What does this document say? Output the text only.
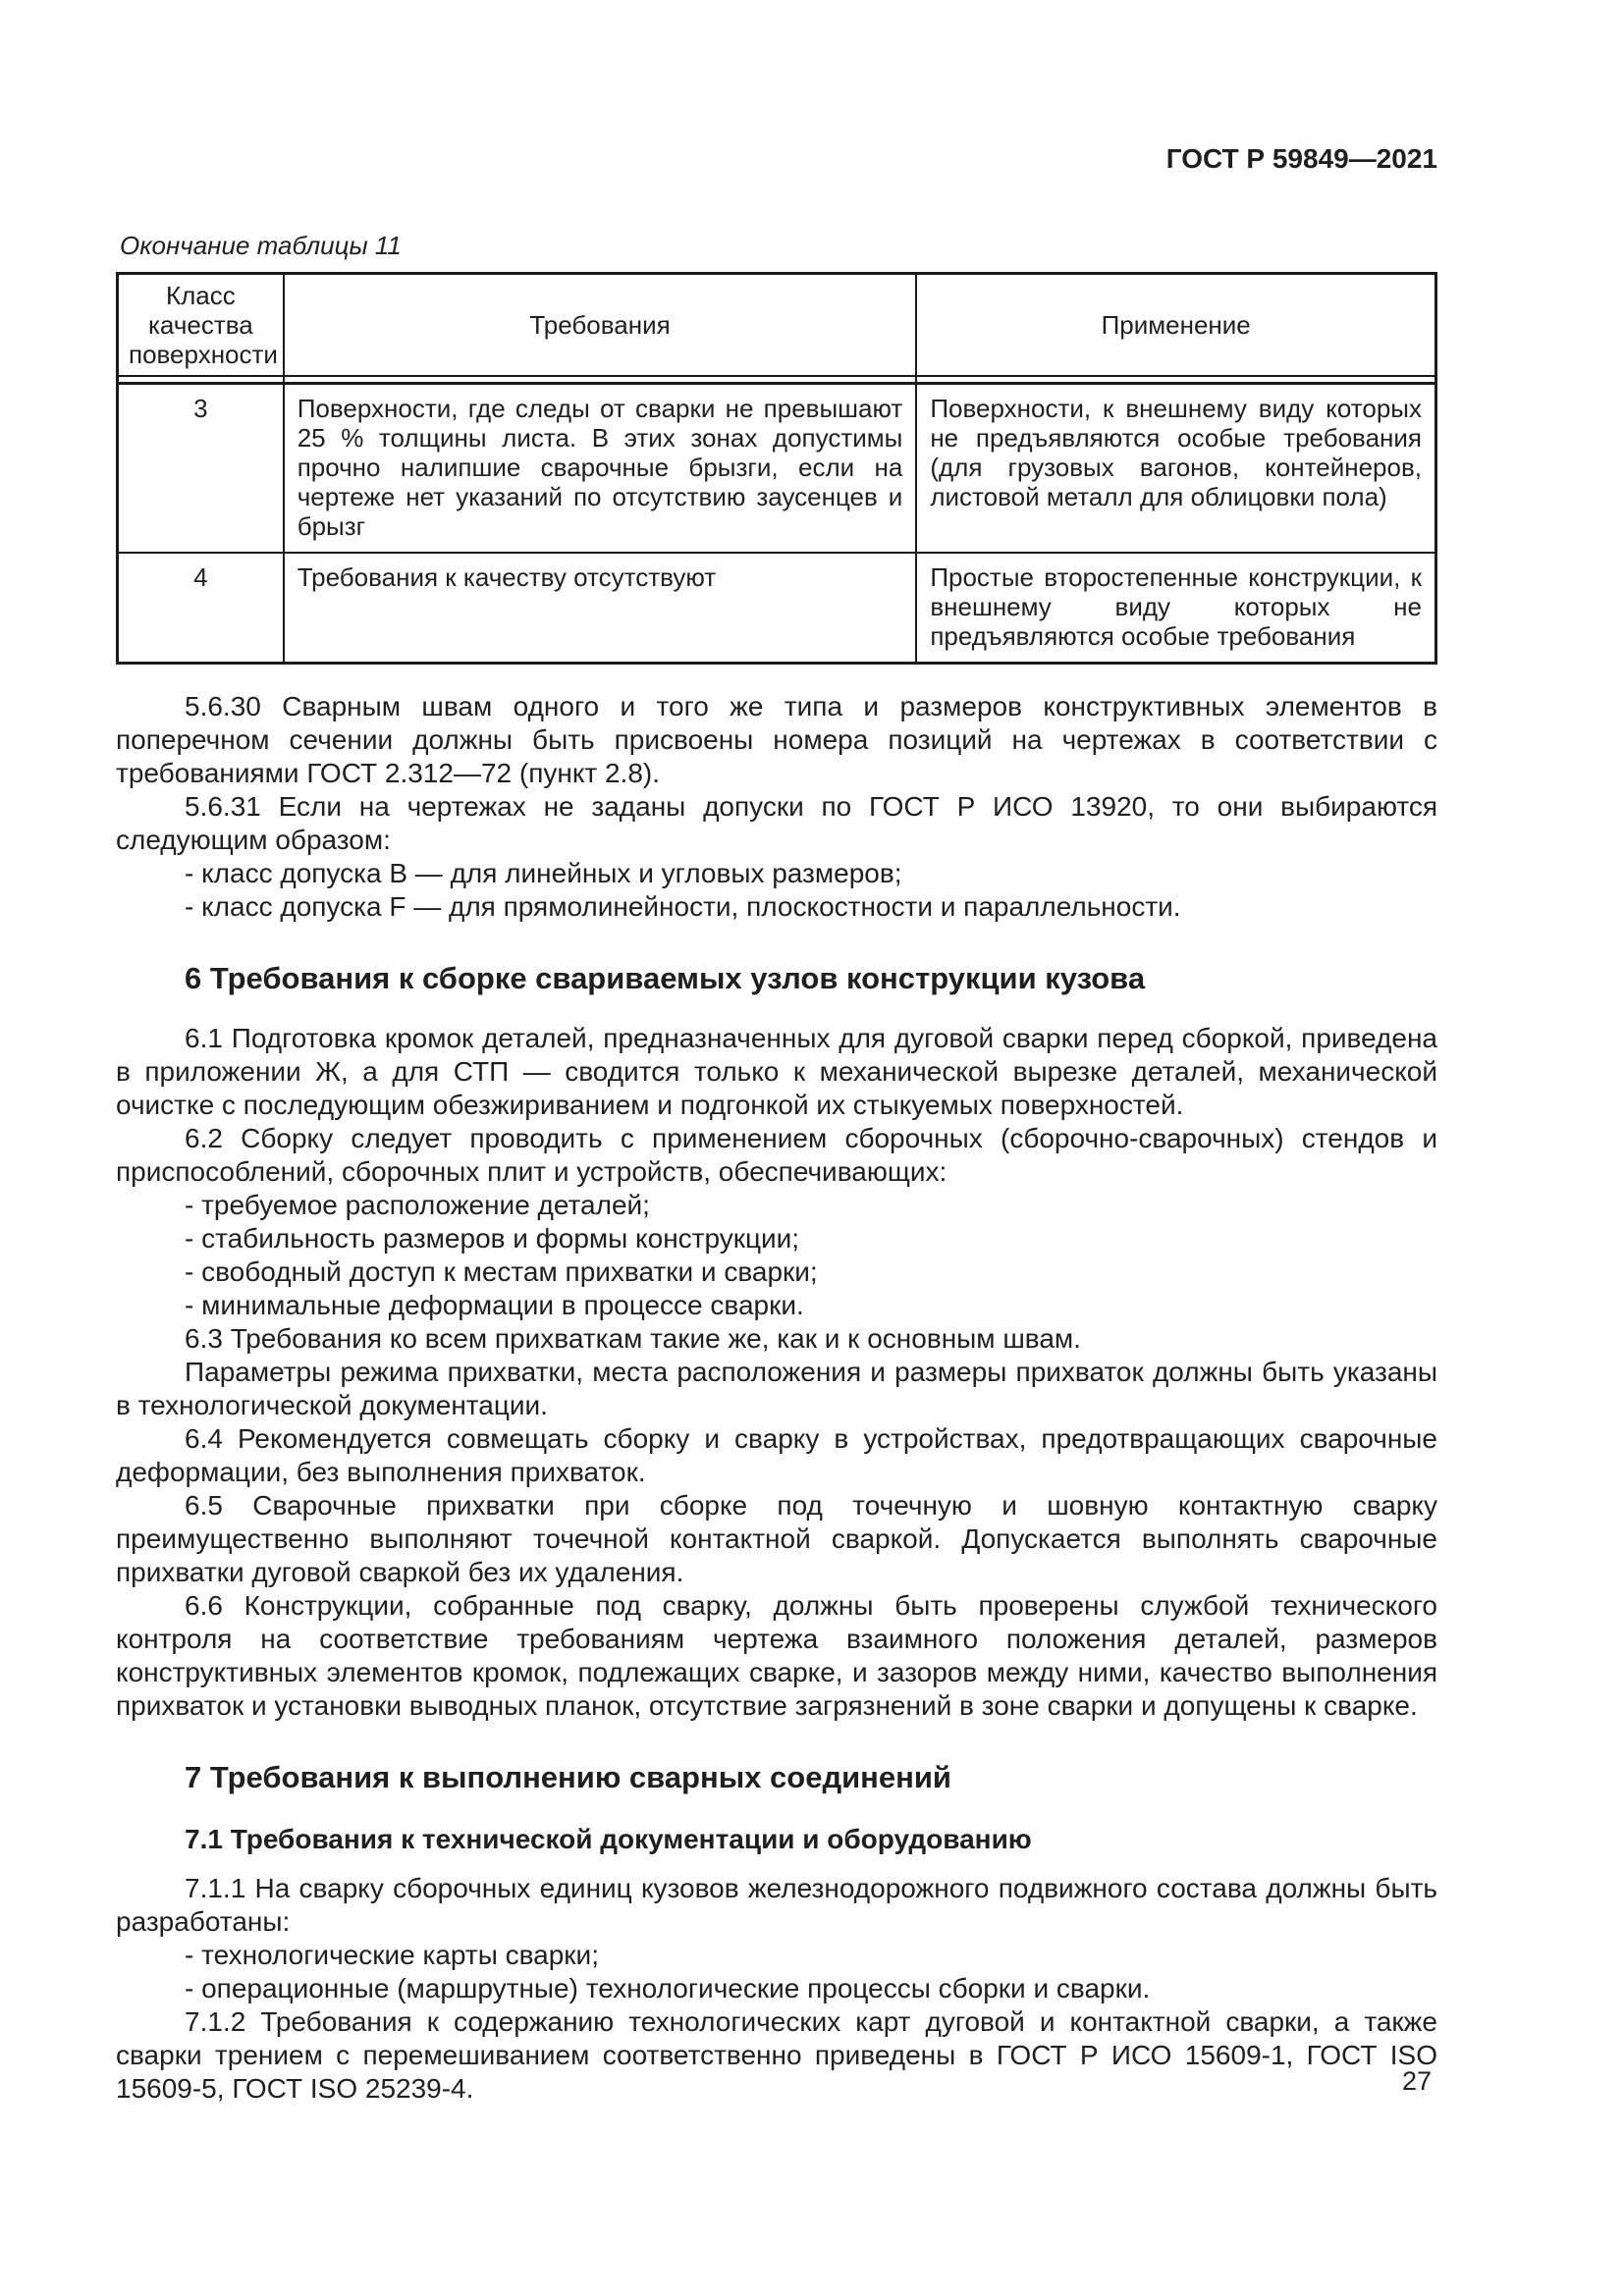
ГОСТ Р 59849—2021
Окончание таблицы 11
Класс качества поверхности	Требования	Применение

3	Поверхности, где следы от сварки не превышают 25 % толщины листа. В этих зонах допустимы прочно налипшие сварочные брызги, если на чертеже нет указаний по отсутствию заусенцев и брызг	Поверхности, к внешнему виду которых не предъявляются особые требования (для грузовых вагонов, контейнеров, листовой металл для облицовки пола)
4	Требования к качеству отсутствуют	Простые второстепенные конструкции, к внешнему виду которых не предъявляются особые требования

5.6.30 Сварным швам одного и того же типа и размеров конструктивных элементов в поперечном сечении должны быть присвоены номера позиций на чертежах в соответствии с требованиями ГОСТ 2.312—72 (пункт 2.8).

5.6.31 Если на чертежах не заданы допуски по ГОСТ Р ИСО 13920, то они выбираются следующим образом:

- класс допуска B — для линейных и угловых размеров;

- класс допуска F — для прямолинейности, плоскостности и параллельности.

6 Требования к сборке свариваемых узлов конструкции кузова

6.1 Подготовка кромок деталей, предназначенных для дуговой сварки перед сборкой, приведена в приложении Ж, а для СТП — сводится только к механической вырезке деталей, механической очистке с последующим обезжириванием и подгонкой их стыкуемых поверхностей.

6.2 Сборку следует проводить с применением сборочных (сборочно-сварочных) стендов и приспособлений, сборочных плит и устройств, обеспечивающих:

- требуемое расположение деталей;

- стабильность размеров и формы конструкции;

- свободный доступ к местам прихватки и сварки;

- минимальные деформации в процессе сварки.

6.3 Требования ко всем прихваткам такие же, как и к основным швам.

Параметры режима прихватки, места расположения и размеры прихваток должны быть указаны в технологической документации.

6.4 Рекомендуется совмещать сборку и сварку в устройствах, предотвращающих сварочные деформации, без выполнения прихваток.

6.5 Сварочные прихватки при сборке под точечную и шовную контактную сварку преимущественно выполняют точечной контактной сваркой. Допускается выполнять сварочные прихватки дуговой сваркой без их удаления.

6.6 Конструкции, собранные под сварку, должны быть проверены службой технического контроля на соответствие требованиям чертежа взаимного положения деталей, размеров конструктивных элементов кромок, подлежащих сварке, и зазоров между ними, качество выполнения прихваток и установки выводных планок, отсутствие загрязнений в зоне сварки и допущены к сварке.

7 Требования к выполнению сварных соединений
7.1 Требования к технической документации и оборудованию

7.1.1 На сварку сборочных единиц кузовов железнодорожного подвижного состава должны быть разработаны:

- технологические карты сварки;

- операционные (маршрутные) технологические процессы сборки и сварки.

7.1.2 Требования к содержанию технологических карт дуговой и контактной сварки, а также сварки трением с перемешиванием соответственно приведены в ГОСТ Р ИСО 15609-1, ГОСТ ISO 15609-5, ГОСТ ISO 25239-4.	27
